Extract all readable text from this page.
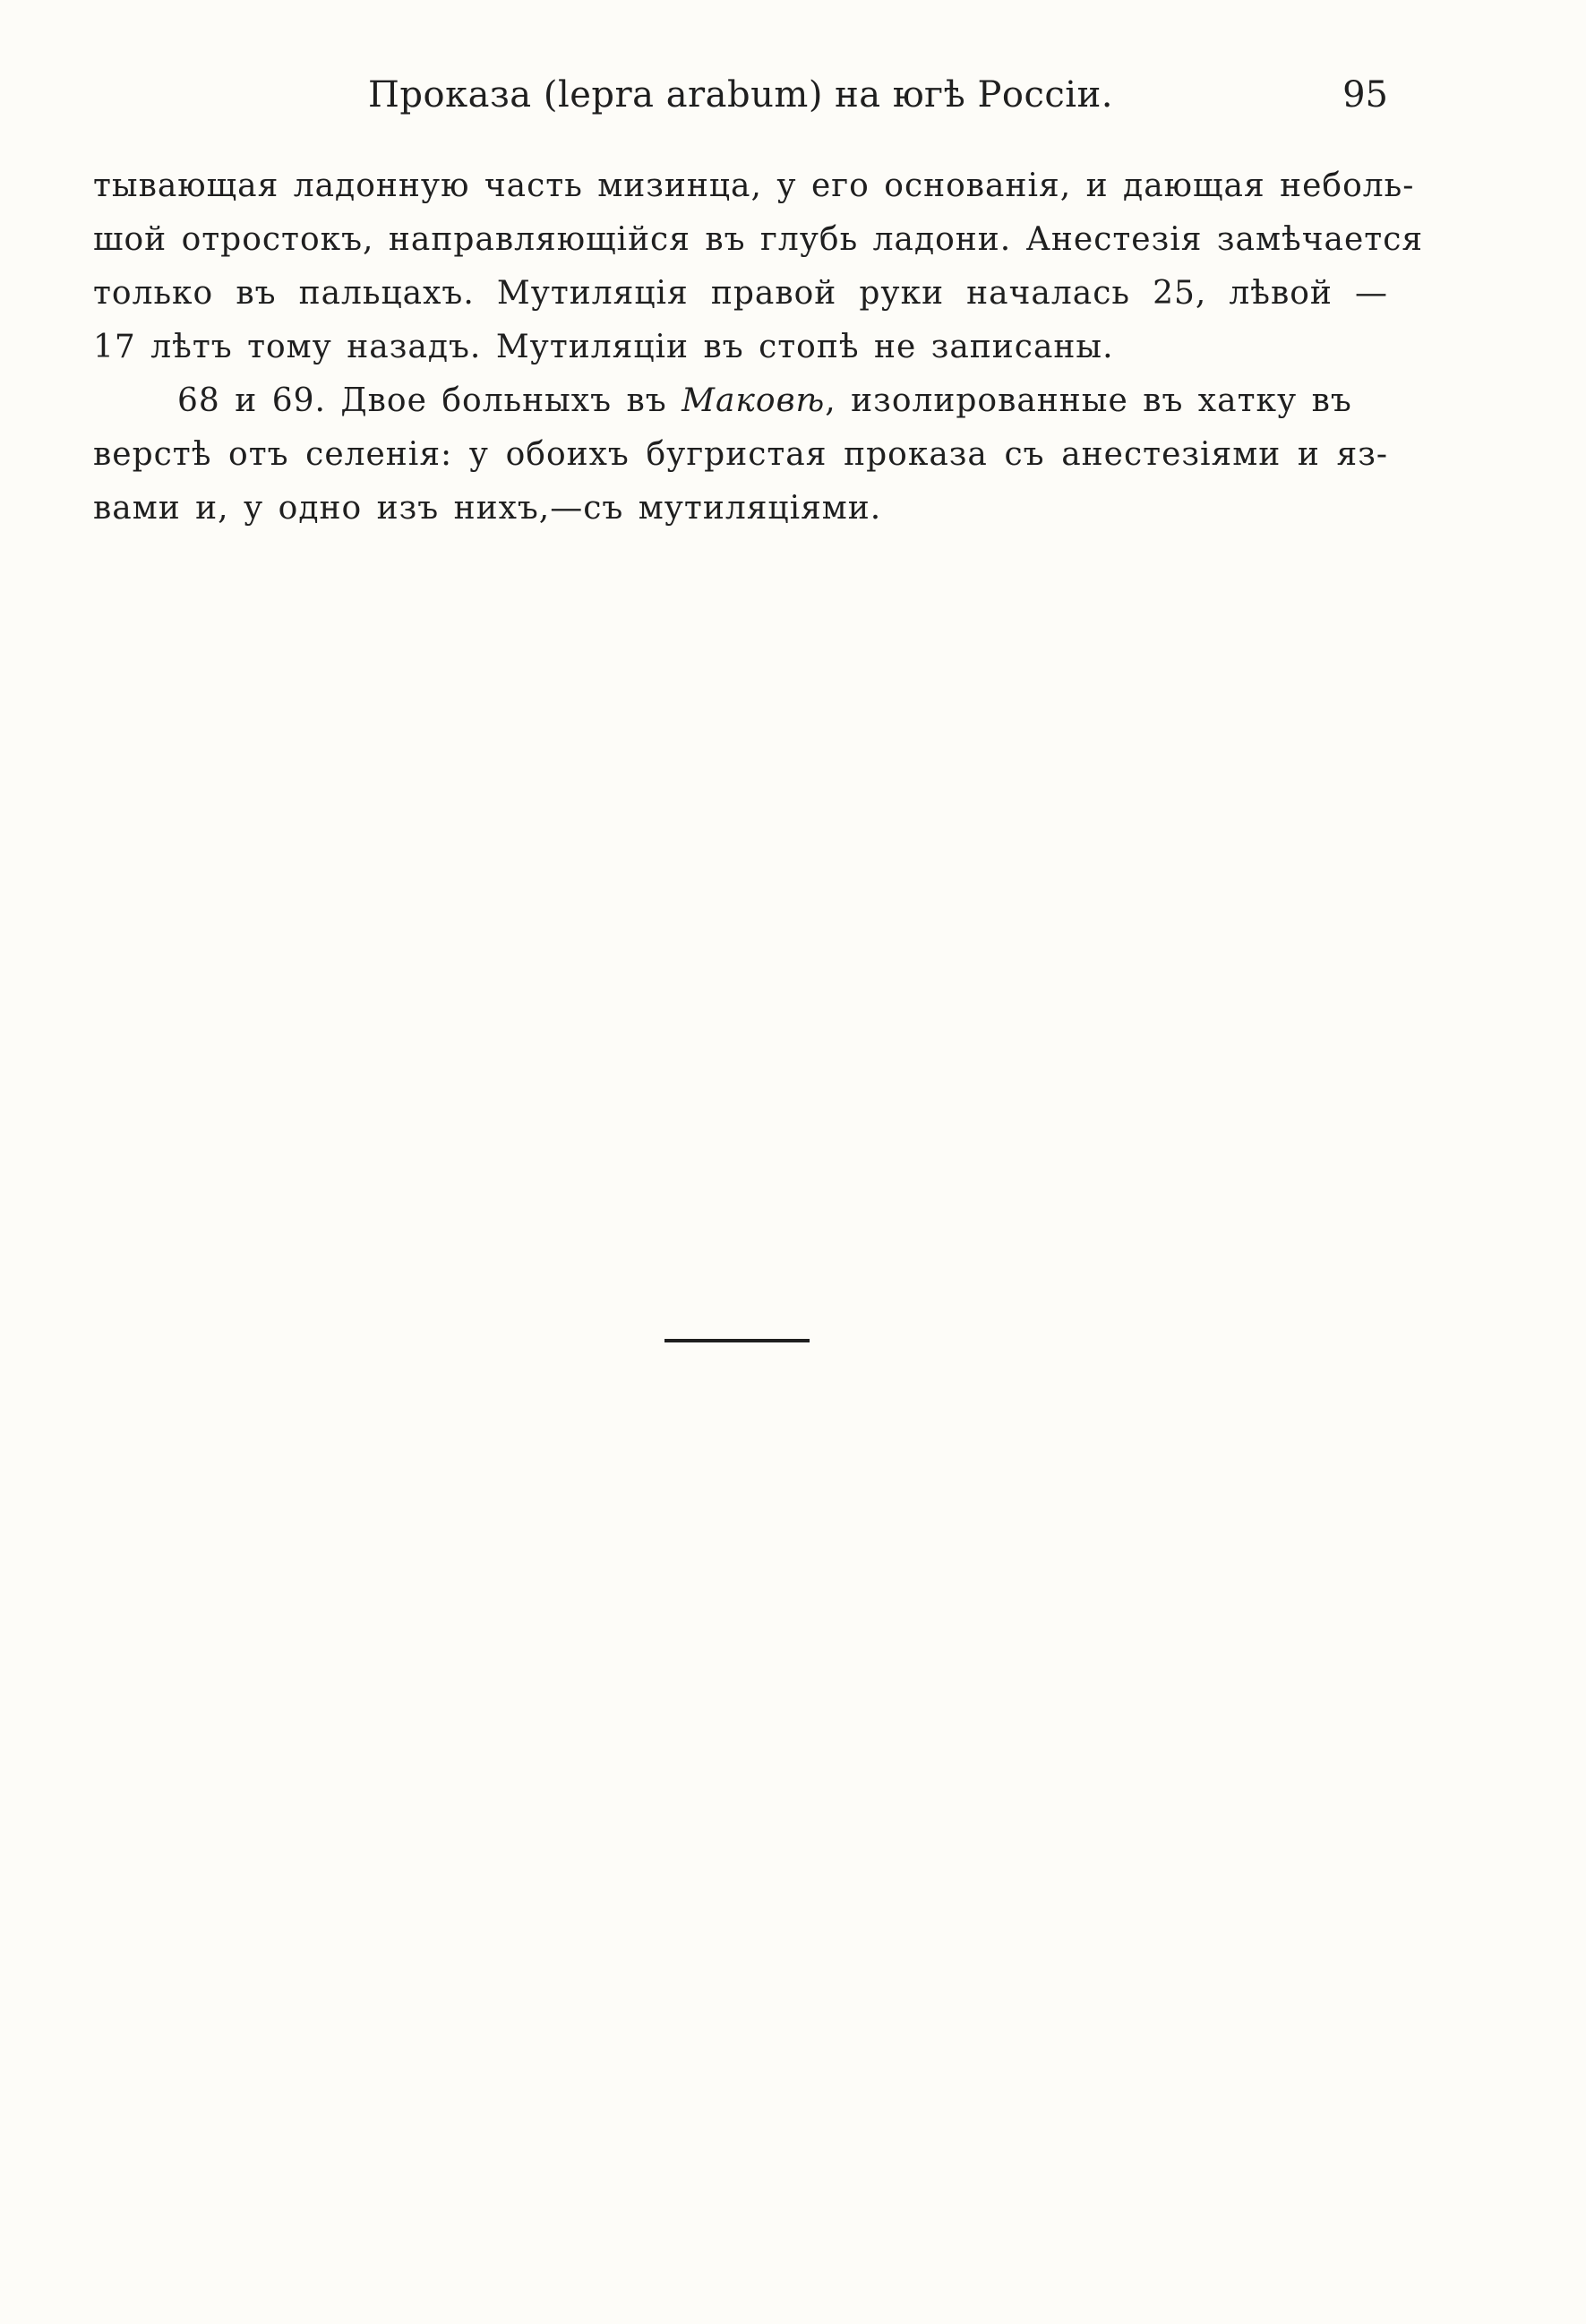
Проказа (lepra arabum) на югѣ Россіи.	95
тывающая ладонную часть мизинца, у его основанія, и дающая неболь-
шой отростокъ, направляющійся въ глубь ладони. Анестезія замѣчается
только въ пальцахъ. Мутиляція правой руки началась 25, лѣвой —
17 лѣтъ тому назадъ. Мутиляціи въ стопѣ не записаны.
68 и 69. Двое больныхъ въ Маковѣ, изолированные въ хатку въ
верстѣ отъ селенія: у обоихъ бугристая проказа съ анестезіями и яз-
вами и, у одно изъ нихъ,—съ мутиляціями.
